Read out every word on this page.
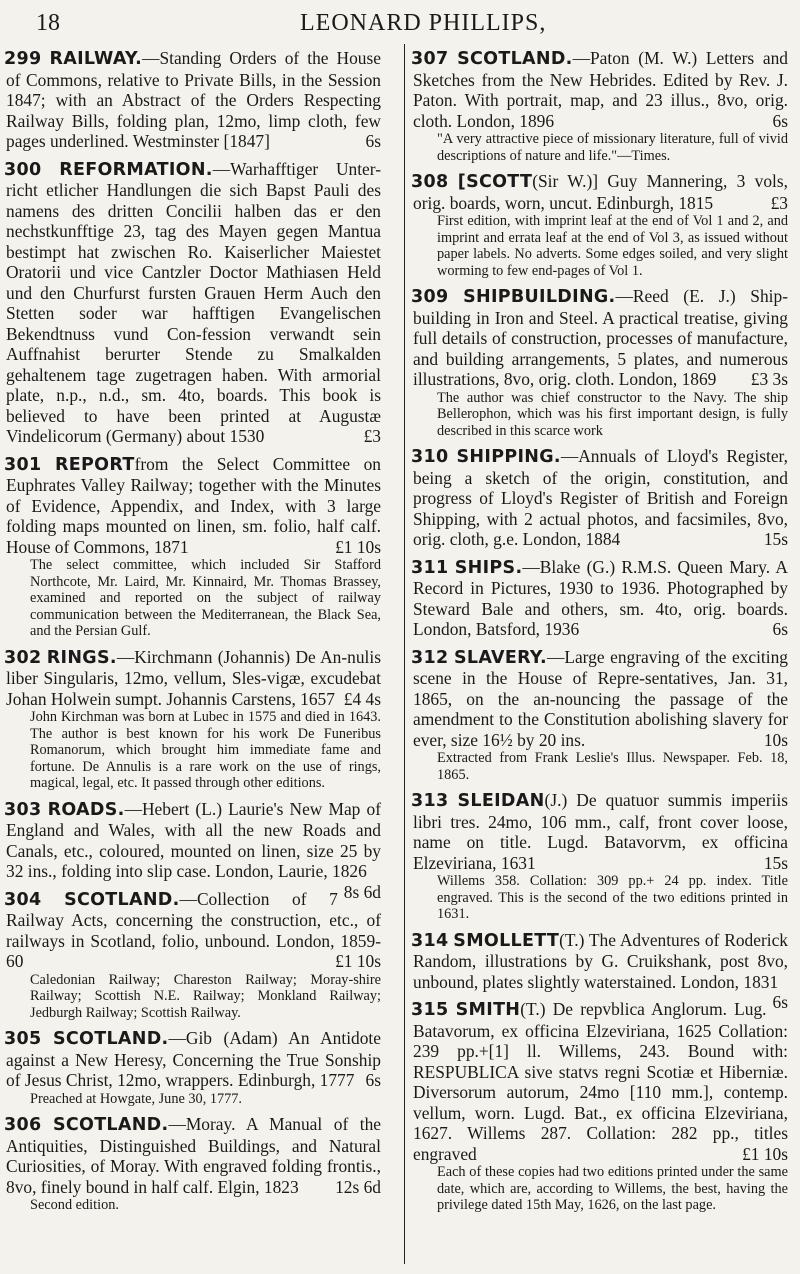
18	LEONARD PHILLIPS,
299 RAILWAY.—Standing Orders of the House of Commons, relative to Private Bills, in the Session 1847; with an Abstract of the Orders Respecting Railway Bills, folding plan, 12mo, limp cloth, few pages underlined. Westminster [1847]	6s
300 REFORMATION.—Warhafftiger Unter-richt etlicher Handlungen die sich Bapst Pauli des namens des dritten Concilii halben das er den nechstkunfftige 23, tag des Mayen gegen Mantua bestimpt hat zwischen Ro. Kaiserlicher Maiestet Oratorii und vice Cantzler Doctor Mathiasen Held und den Churfurst fursten Grauen Herm Auch den Stetten soder war hafftigen Evangelischen Bekendtnuss vund Con-fession verwandt sein Auffnahist berurter Stende zu Smalkalden gehaltenem tage zugetragen haben. With armorial plate, n.p., n.d., sm. 4to, boards. This book is believed to have been printed at Augustæ Vindelicorum (Germany) about 1530	£3
301 REPORTfrom the Select Committee on Euphrates Valley Railway; together with the Minutes of Evidence, Appendix, and Index, with 3 large folding maps mounted on linen, sm. folio, half calf. House of Commons, 1871	£1 10s
The select committee, which included Sir Stafford Northcote, Mr. Laird, Mr. Kinnaird, Mr. Thomas Brassey, examined and reported on the subject of railway communication between the Mediterranean, the Black Sea, and the Persian Gulf.
302 RINGS.—Kirchmann (Johannis) De An-nulis liber Singularis, 12mo, vellum, Sles-vigæ, excudebat Johan Holwein sumpt. Johannis Carstens, 1657 £4 4s
John Kirchman was born at Lubec in 1575 and died in 1643. The author is best known for his work De Funeribus Romanorum, which brought him immediate fame and fortune. De Annulis is a rare work on the use of rings, magical, legal, etc. It passed through other editions.
303 ROADS.—Hebert (L.) Laurie's New Map of England and Wales, with all the new Roads and Canals, etc., coloured, mounted on linen, size 25 by 32 ins., folding into slip case. London, Laurie, 1826
8s 6d
304 SCOTLAND.—Collection of 7 Railway Acts, concerning the construction, etc., of railways in Scotland, folio, unbound. London, 1859-60	£1 10s
Caledonian Railway; Chareston Railway; Moray-shire Railway; Scottish N.E. Railway; Monkland Railway; Jedburgh Railway; Scottish Railway.
305 SCOTLAND.—Gib (Adam) An Antidote against a New Heresy, Concerning the True Sonship of Jesus Christ, 12mo, wrappers. Edinburgh, 1777 6s
Preached at Howgate, June 30, 1777.
306 SCOTLAND.—Moray. A Manual of the Antiquities, Distinguished Buildings, and Natural Curiosities, of Moray. With engraved folding frontis., 8vo, finely bound in half calf. Elgin, 1823 12s 6d
Second edition.
307 SCOTLAND.—Paton (M. W.) Letters and Sketches from the New Hebrides. Edited by Rev. J. Paton. With portrait, map, and 23 illus., 8vo, orig. cloth. London, 1896	6s
"A very attractive piece of missionary literature, full of vivid descriptions of nature and life."—Times.
308 [SCOTT(Sir W.)] Guy Mannering, 3 vols, orig. boards, worn, uncut. Edinburgh, 1815	£3
First edition, with imprint leaf at the end of Vol 1 and 2, and imprint and errata leaf at the end of Vol 3, as issued without paper labels. No adverts. Some edges soiled, and very slight worming to few end-pages of Vol 1.
309 SHIPBUILDING.—Reed (E. J.) Ship-building in Iron and Steel. A practical treatise, giving full details of construction, processes of manufacture, and building arrangements, 5 plates, and numerous illustrations, 8vo, orig. cloth. London, 1869 £3 3s
The author was chief constructor to the Navy. The ship Bellerophon, which was his first important design, is fully described in this scarce work
310 SHIPPING.—Annuals of Lloyd's Register, being a sketch of the origin, constitution, and progress of Lloyd's Register of British and Foreign Shipping, with 2 actual photos, and facsimiles, 8vo, orig. cloth, g.e. London, 1884	15s
311 SHIPS.—Blake (G.) R.M.S. Queen Mary. A Record in Pictures, 1930 to 1936. Photographed by Steward Bale and others, sm. 4to, orig. boards. London, Batsford, 1936	6s
312 SLAVERY.—Large engraving of the exciting scene in the House of Repre-sentatives, Jan. 31, 1865, on the an-nouncing the passage of the amendment to the Constitution abolishing slavery for ever, size 16½ by 20 ins.	10s
Extracted from Frank Leslie's Illus. Newspaper. Feb. 18, 1865.
313 SLEIDAN(J.) De quatuor summis imperiis libri tres. 24mo, 106 mm., calf, front cover loose, name on title. Lugd. Batavorvm, ex officina Elzeviriana, 1631	15s
Willems 358. Collation: 309 pp.+ 24 pp. index. Title engraved. This is the second of the two editions printed in 1631.
314 SMOLLETT(T.) The Adventures of Roderick Random, illustrations by G. Cruikshank, post 8vo, unbound, plates slightly waterstained. London, 1831
6s
315 SMITH(T.) De repvblica Anglorum. Lug. Batavorum, ex officina Elzeviriana, 1625 Collation: 239 pp.+[1] ll. Willems, 243. Bound with: RESPUBLICA sive statvs regni Scotiæ et Hiberniæ. Diversorum autorum, 24mo [110 mm.], contemp. vellum, worn. Lugd. Bat., ex officina Elzeviriana, 1627. Willems 287. Collation: 282 pp., titles engraved	£1 10s
Each of these copies had two editions printed under the same date, which are, according to Willems, the best, having the privilege dated 15th May, 1626, on the last page.
